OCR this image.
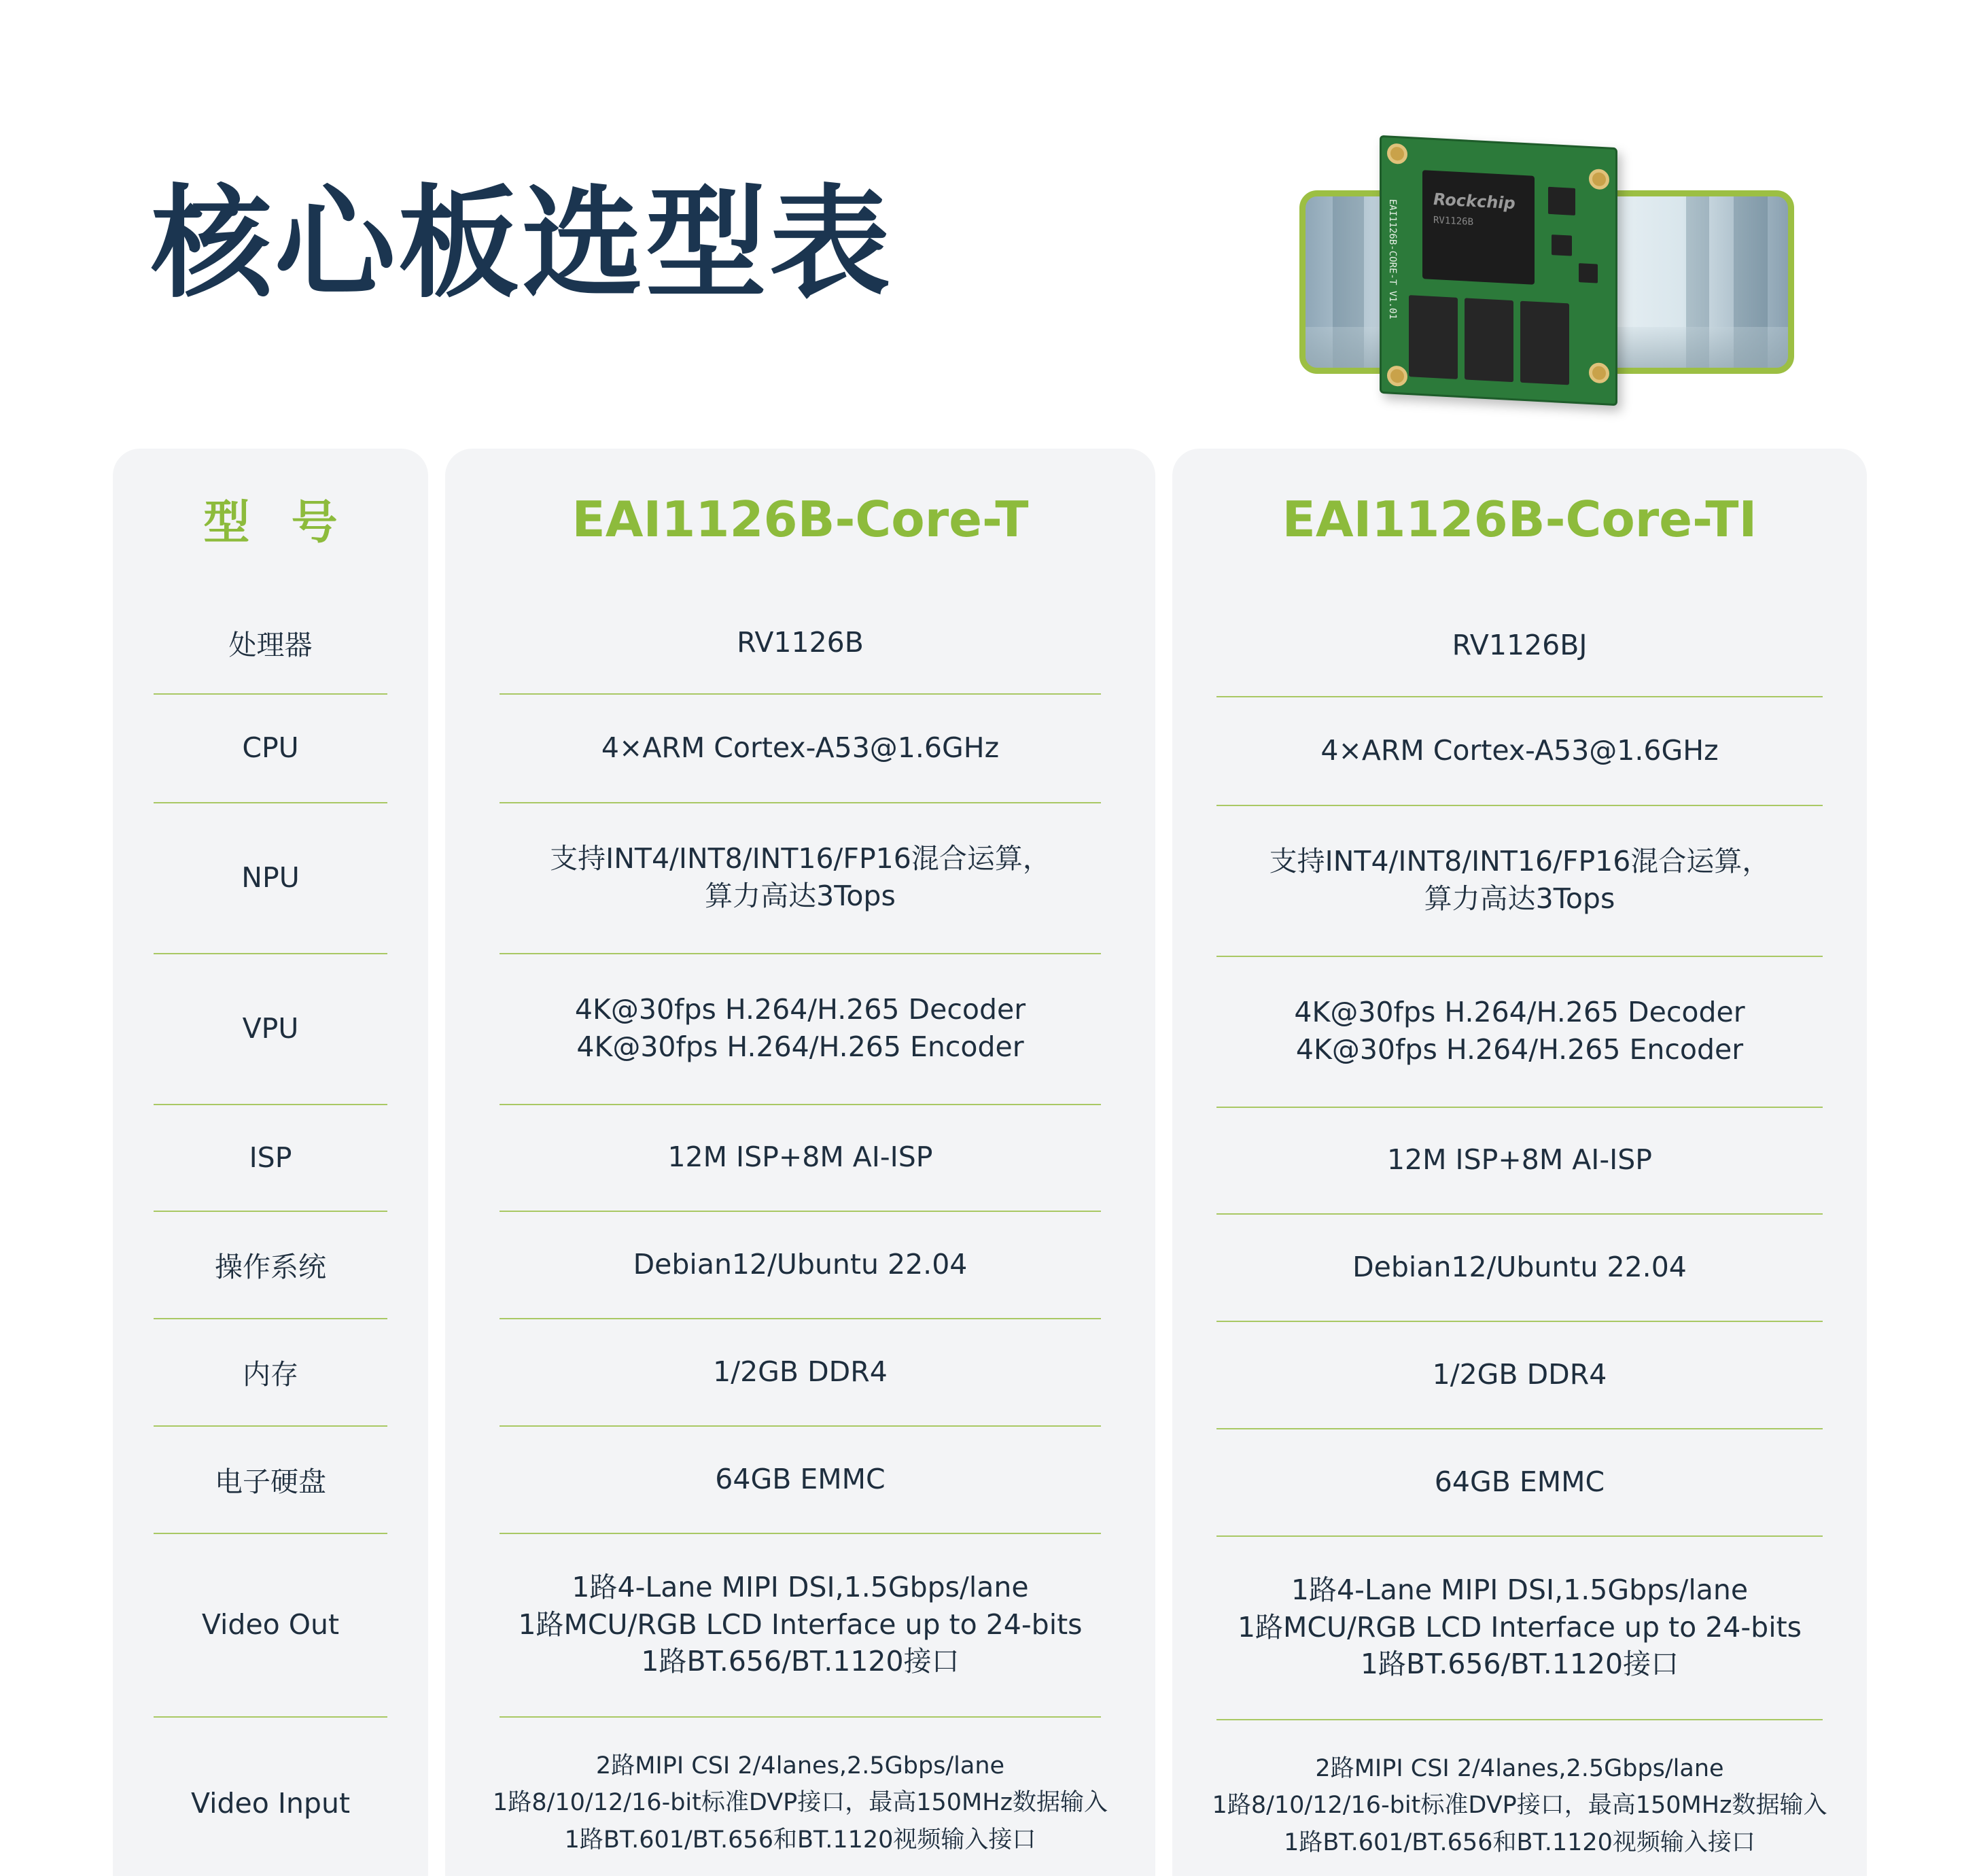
核心板选型表	EAI1126B-CORE-T V1.01 Rockchip
RV1126B
型号
处理器
CPU
NPU
VPU
ISP
操作系统
内存
电子硬盘
Video Out
Video Input
EAI1126B-Core-T
RV1126B
4×ARM Cortex-A53@1.6GHz
支持INT4/INT8/INT16/FP16混合运算，
算力高达3Tops
4K@30fps H.264/H.265 Decoder
4K@30fps H.264/H.265 Encoder
12M ISP+8M AI-ISP
Debian12/Ubuntu 22.04
1/2GB DDR4
64GB EMMC
1路4-Lane MIPI DSI,1.5Gbps/lane
1路MCU/RGB LCD Interface up to 24-bits
1路BT.656/BT.1120接口
2路MIPI CSI 2/4lanes,2.5Gbps/lane
1路8/10/12/16-bit标准DVP接口，最高150MHz数据输入
1路BT.601/BT.656和BT.1120视频输入接口
EAI1126B-Core-TI
RV1126BJ
4×ARM Cortex-A53@1.6GHz
支持INT4/INT8/INT16/FP16混合运算，
算力高达3Tops
4K@30fps H.264/H.265 Decoder
4K@30fps H.264/H.265 Encoder
12M ISP+8M AI-ISP
Debian12/Ubuntu 22.04
1/2GB DDR4
64GB EMMC
1路4-Lane MIPI DSI,1.5Gbps/lane
1路MCU/RGB LCD Interface up to 24-bits
1路BT.656/BT.1120接口
2路MIPI CSI 2/4lanes,2.5Gbps/lane
1路8/10/12/16-bit标准DVP接口，最高150MHz数据输入
1路BT.601/BT.656和BT.1120视频输入接口
